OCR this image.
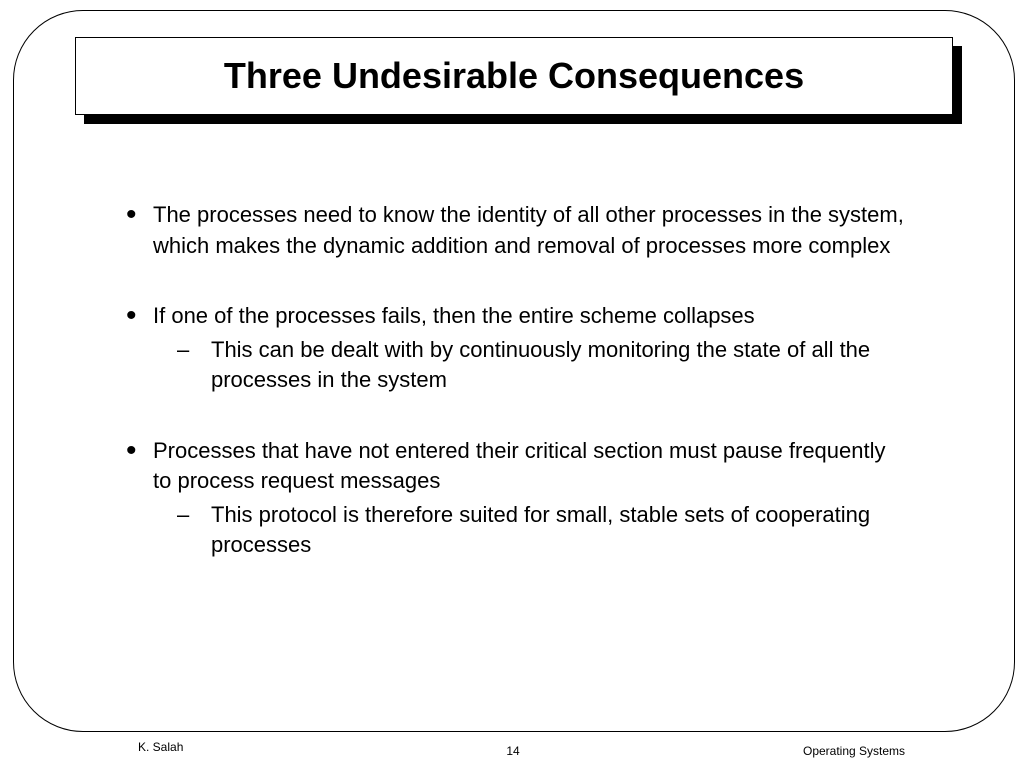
Three Undesirable Consequences
• The processes need to know the identity of all other processes in the system, which makes the dynamic addition and removal of processes more complex
• If one of the processes fails, then the entire scheme collapses
– This can be dealt with by continuously monitoring the state of all the processes in the system
• Processes that have not entered their critical section must pause frequently to process request messages
– This protocol is therefore suited for small, stable sets of cooperating processes
K. Salah	14	Operating Systems
